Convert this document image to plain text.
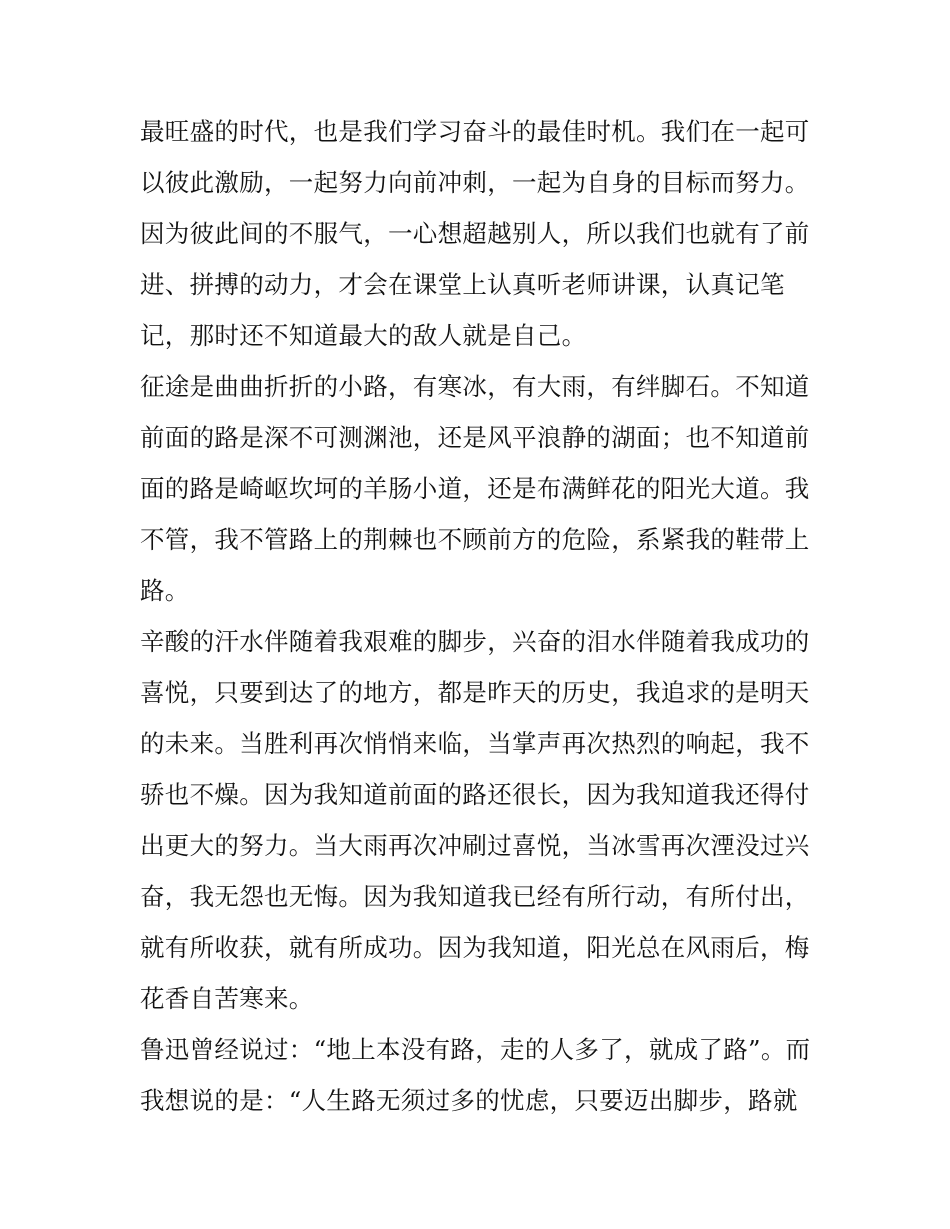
最旺盛的时代，也是我们学习奋斗的最佳时机。我们在一起可
以彼此激励，一起努力向前冲刺，一起为自身的目标而努力。
因为彼此间的不服气，一心想超越别人，所以我们也就有了前
进、拼搏的动力，才会在课堂上认真听老师讲课，认真记笔
记，那时还不知道最大的敌人就是自己。
征途是曲曲折折的小路，有寒冰，有大雨，有绊脚石。不知道
前面的路是深不可测渊池，还是风平浪静的湖面；也不知道前
面的路是崎岖坎坷的羊肠小道，还是布满鲜花的阳光大道。我
不管，我不管路上的荆棘也不顾前方的危险，系紧我的鞋带上
路。
辛酸的汗水伴随着我艰难的脚步，兴奋的泪水伴随着我成功的
喜悦，只要到达了的地方，都是昨天的历史，我追求的是明天
的未来。当胜利再次悄悄来临，当掌声再次热烈的响起，我不
骄也不燥。因为我知道前面的路还很长，因为我知道我还得付
出更大的努力。当大雨再次冲刷过喜悦，当冰雪再次湮没过兴
奋，我无怨也无悔。因为我知道我已经有所行动，有所付出，
就有所收获，就有所成功。因为我知道，阳光总在风雨后，梅
花香自苦寒来。
鲁迅曾经说过：“地上本没有路，走的人多了，就成了路”。而
我想说的是：“人生路无须过多的忧虑，只要迈出脚步，路就
